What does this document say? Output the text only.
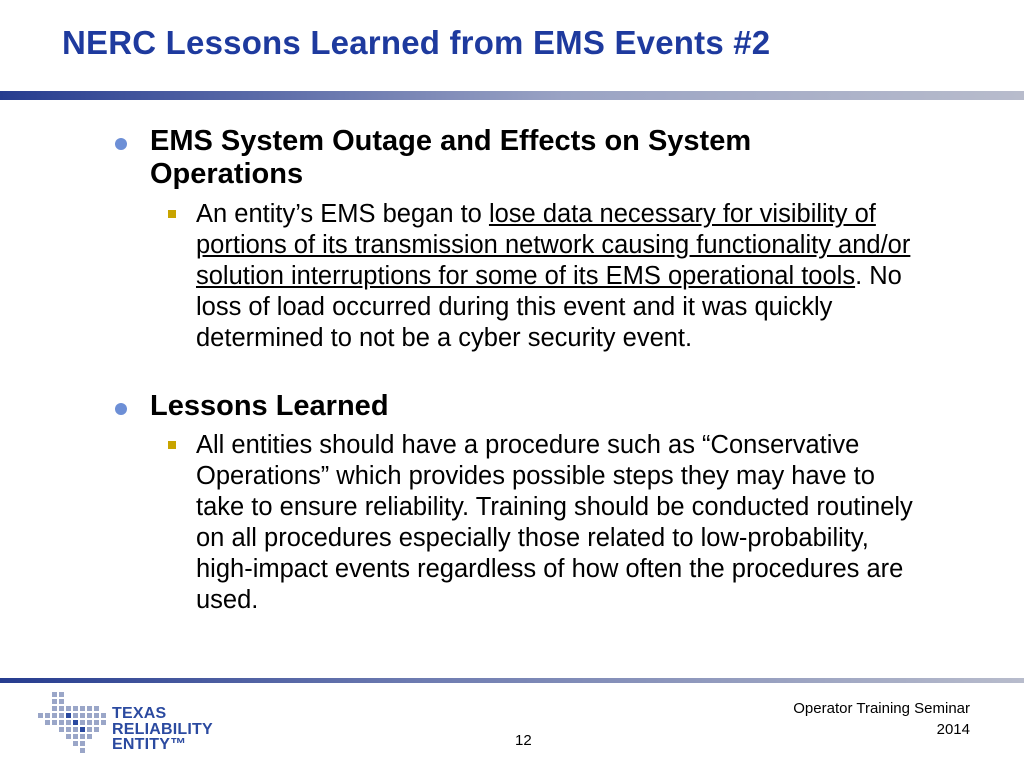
NERC Lessons Learned from EMS Events #2
EMS System Outage and Effects on System Operations
An entity’s EMS began to lose data necessary for visibility of portions of its transmission network causing functionality and/or solution interruptions for some of its EMS operational tools. No loss of load occurred during this event and it was quickly determined to not be a cyber security event.
Lessons Learned
All entities should have a procedure such as “Conservative Operations” which provides possible steps they may have to take to ensure reliability. Training should be conducted routinely on all procedures especially those related to low-probability, high-impact events regardless of how often the procedures are used.
TEXAS
RELIABILITY
ENTITY™	12
Operator Training Seminar
2014
